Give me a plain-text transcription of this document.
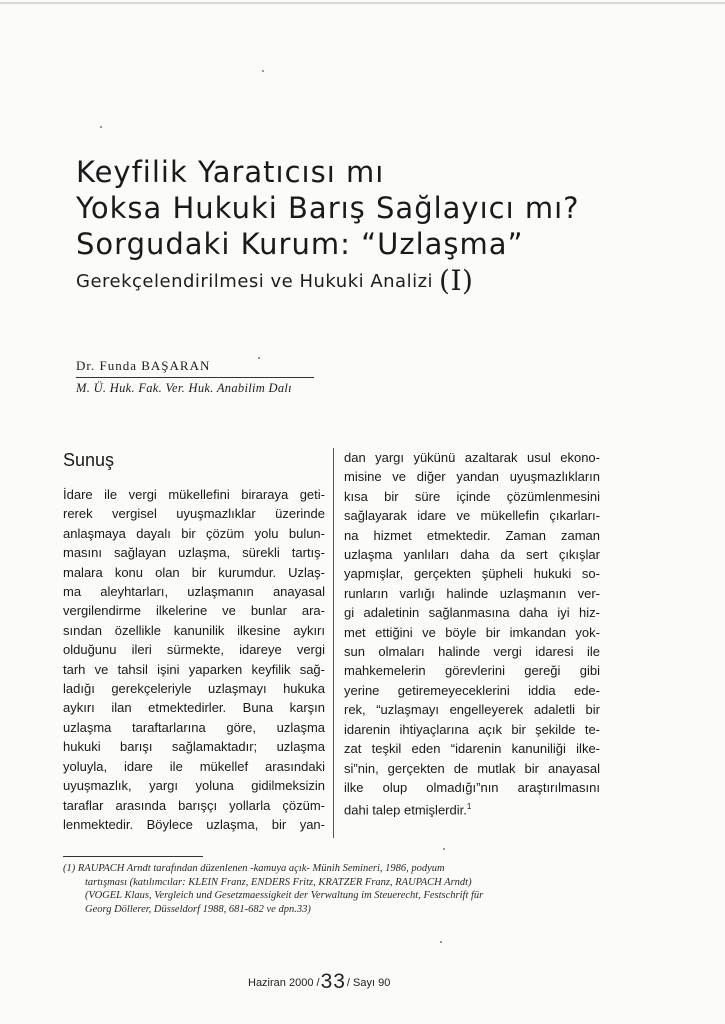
Keyfilik Yaratıcısı mı
Yoksa Hukuki Barış Sağlayıcı mı?
Sorgudaki Kurum: “Uzlaşma”
Gerekçelendirilmesi ve Hukuki Analizi (I)
Dr. Funda BAŞARAN
M. Ü. Huk. Fak. Ver. Huk. Anabilim Dalı
Sunuş
İdare ile vergi mükellefini biraraya geti-
rerek vergisel uyuşmazlıklar üzerinde
anlaşmaya dayalı bir çözüm yolu bulun-
masını sağlayan uzlaşma, sürekli tartış-
malara konu olan bir kurumdur. Uzlaş-
ma aleyhtarları, uzlaşmanın anayasal
vergilendirme ilkelerine ve bunlar ara-
sından özellikle kanunilik ilkesine aykırı
olduğunu ileri sürmekte, idareye vergi
tarh ve tahsil işini yaparken keyfilik sağ-
ladığı gerekçeleriyle uzlaşmayı hukuka
aykırı ilan etmektedirler. Buna karşın
uzlaşma taraftarlarına göre, uzlaşma
hukuki barışı sağlamaktadır; uzlaşma
yoluyla, idare ile mükellef arasındaki
uyuşmazlık, yargı yoluna gidilmeksizin
taraflar arasında barışçı yollarla çözüm-
lenmektedir. Böylece uzlaşma, bir yan-
dan yargı yükünü azaltarak usul ekono-
misine ve diğer yandan uyuşmazlıkların
kısa bir süre içinde çözümlenmesini
sağlayarak idare ve mükellefin çıkarları-
na hizmet etmektedir. Zaman zaman
uzlaşma yanlıları daha da sert çıkışlar
yapmışlar, gerçekten şüpheli hukuki so-
runların varlığı halinde uzlaşmanın ver-
gi adaletinin sağlanmasına daha iyi hiz-
met ettiğini ve böyle bir imkandan yok-
sun olmaları halinde vergi idaresi ile
mahkemelerin görevlerini gereği gibi
yerine getiremeyeceklerini iddia ede-
rek, “uzlaşmayı engelleyerek adaletli bir
idarenin ihtiyaçlarına açık bir şekilde te-
zat teşkil eden “idarenin kanuniliği ilke-
si”nin, gerçekten de mutlak bir anayasal
ilke olup olmadığı”nın araştırılmasını
dahi talep etmişlerdir.$^1$
(1) RAUPACH Arndt tarafından düzenlenen -kamuya açık- Münih Semineri, 1986, podyum
tartışması (katılımcılar: KLEIN Franz, ENDERS Fritz, KRATZER Franz, RAUPACH Arndt)
(VOGEL Klaus, Vergleich und Gesetzmaessigkeit der Verwaltung im Steuerecht, Festschrift für
Georg Döllerer, Düsseldorf 1988, 681-682 ve dpn.33)
Haziran 2000 /33/ Sayı 90
